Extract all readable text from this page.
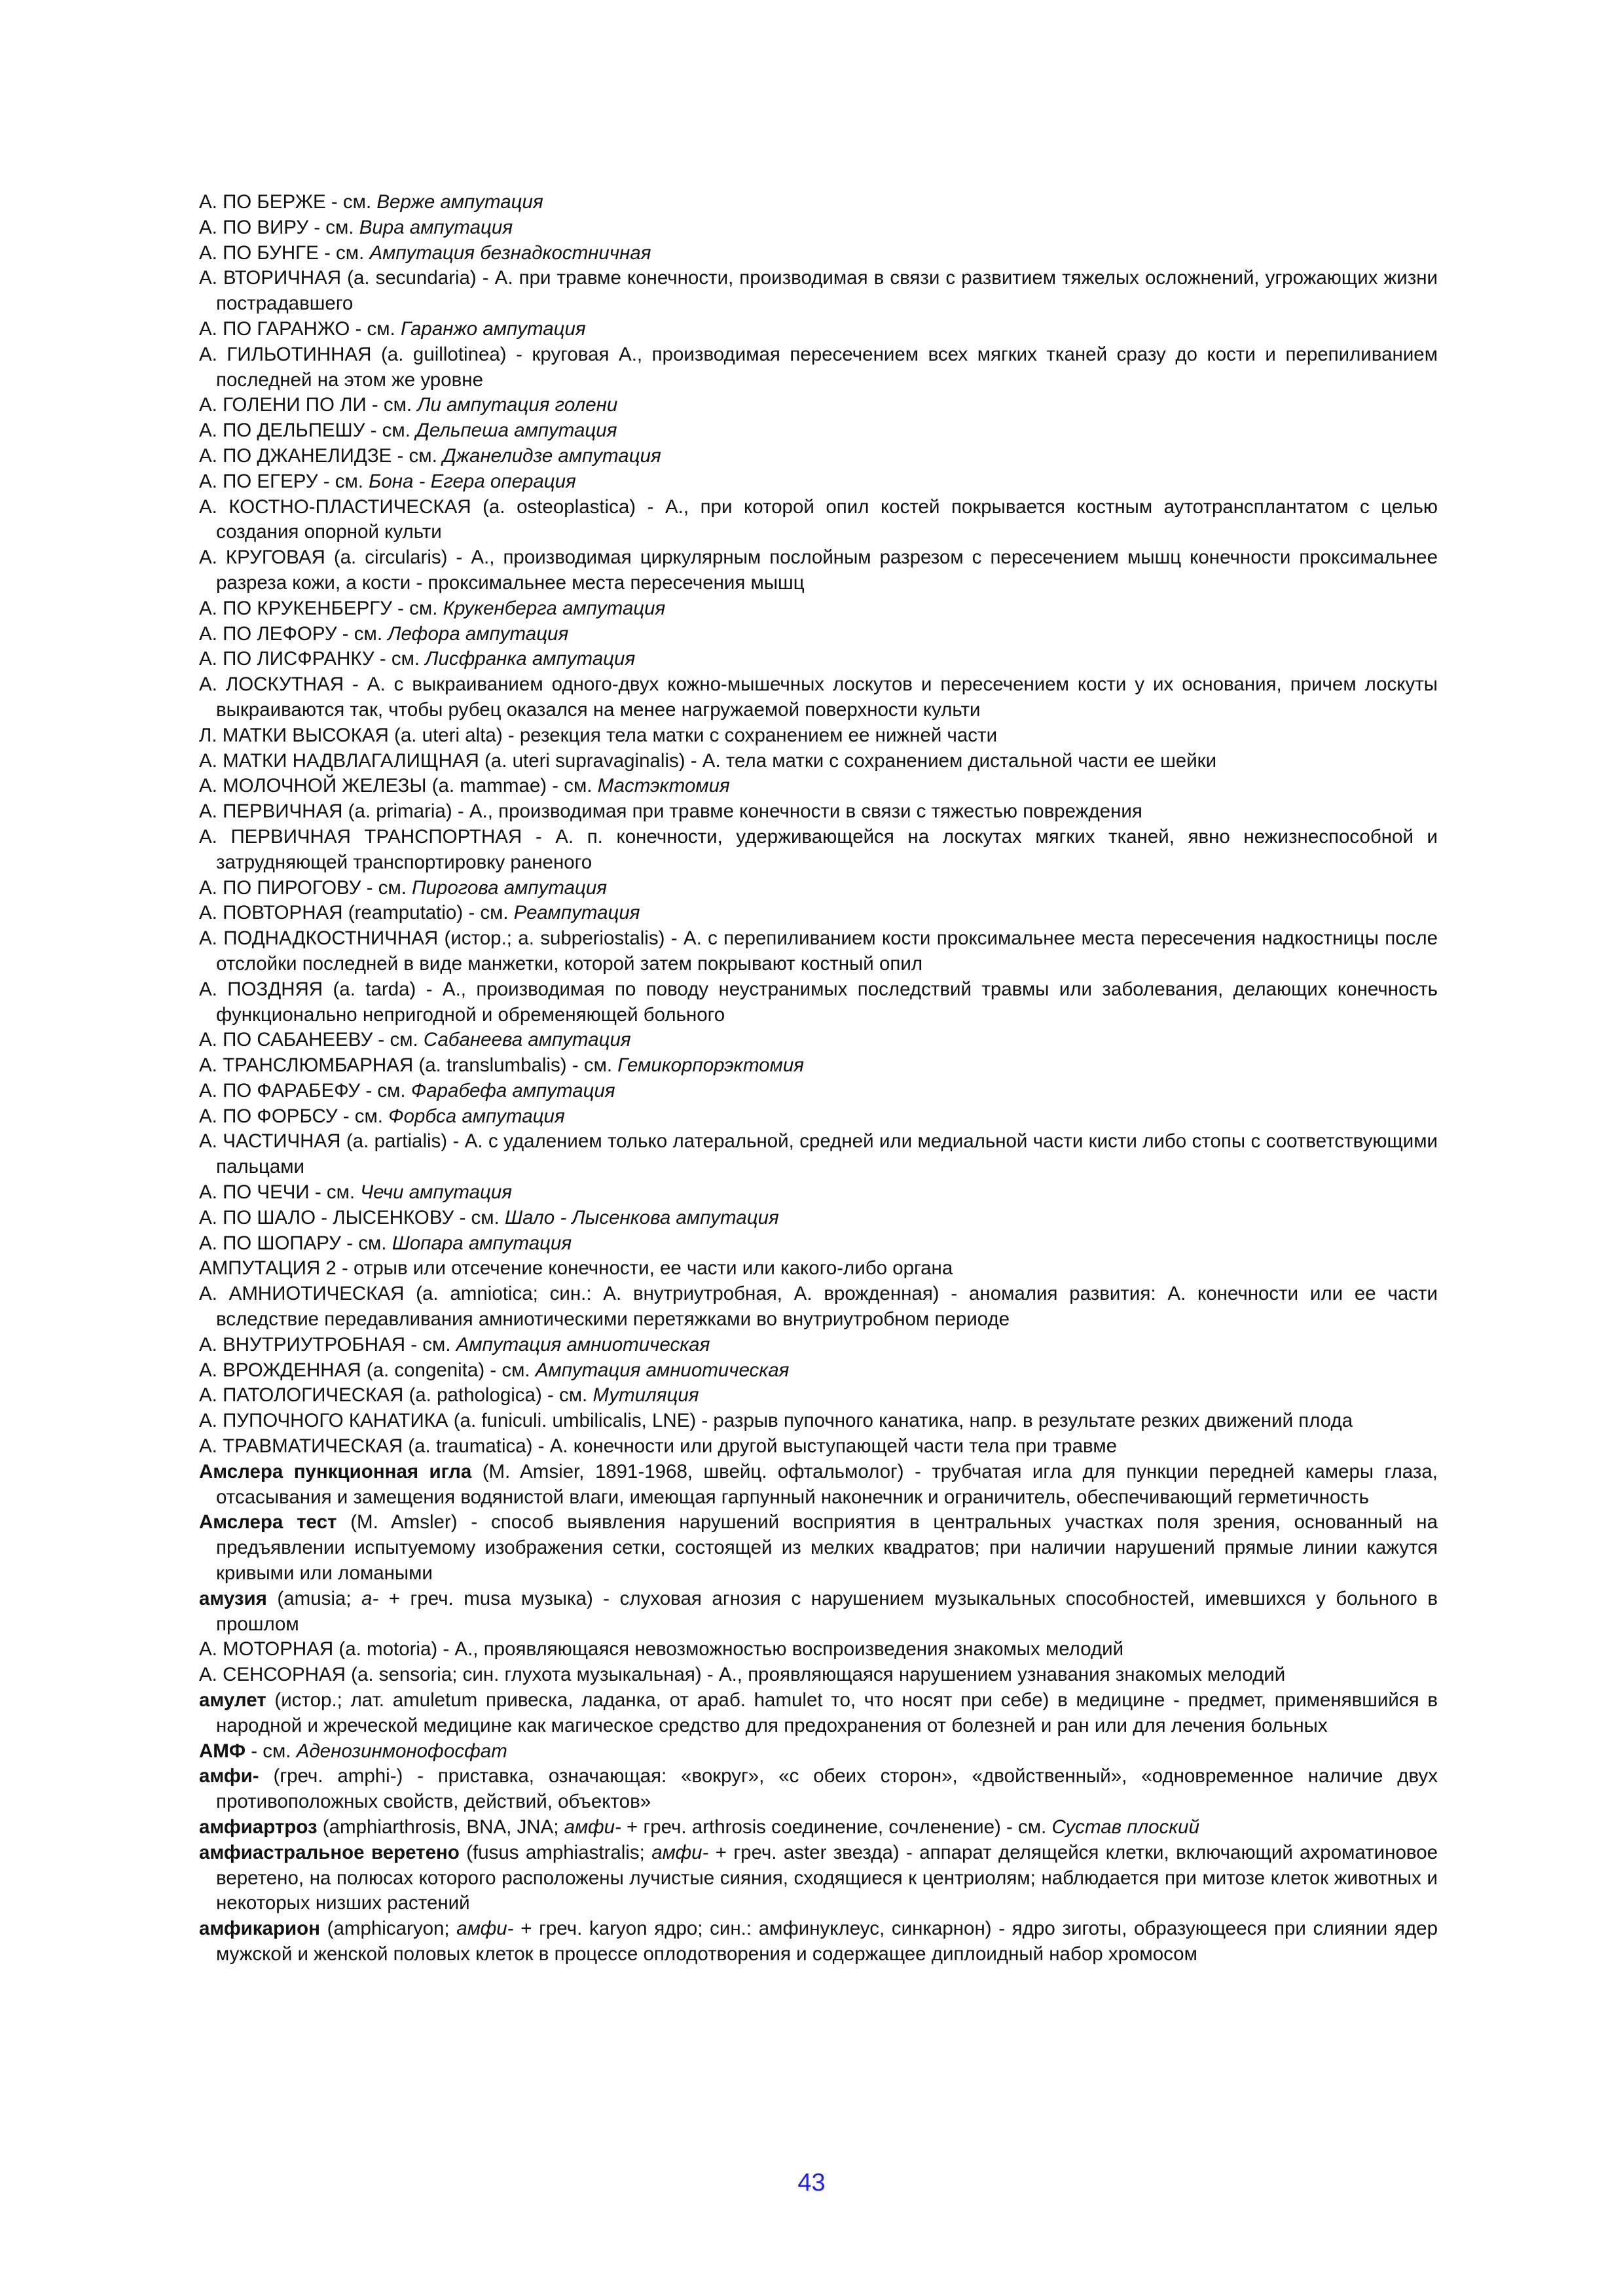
А. ПО БЕРЖЕ - см. Верже ампутация

А. ПО ВИРУ - см. Вира ампутация

А. ПО БУНГЕ - см. Ампутация безнадкостничная

А. ВТОРИЧНАЯ (a. secundaria) - А. при травме конечности, производимая в связи с развитием тяжелых осложнений, угрожающих жизни пострадавшего

А. ПО ГАРАНЖО - см. Гаранжо ампутация

А. ГИЛЬОТИННАЯ (a. guillotinea) - круговая А., производимая пересечением всех мягких тканей сразу до кости и перепиливанием последней на этом же уровне

А. ГОЛЕНИ ПО ЛИ - см. Ли ампутация голени

А. ПО ДЕЛЬПЕШУ - см. Дельпеша ампутация

А. ПО ДЖАНЕЛИДЗЕ - см. Джанелидзе ампутация

А. ПО ЕГЕРУ - см. Бона - Егера операция

А. КОСТНО-ПЛАСТИЧЕСКАЯ (a. osteoplastica) - А., при которой опил костей покрывается костным аутотрансплантатом с целью создания опорной культи

А. КРУГОВАЯ (a. circularis) - А., производимая циркулярным послойным разрезом с пересечением мышц конечности проксимальнее разреза кожи, а кости - проксимальнее места пересечения мышц

А. ПО КРУКЕНБЕРГУ - см. Крукенберга ампутация

А. ПО ЛЕФОРУ - см. Лефора ампутация

А. ПО ЛИСФРАНКУ - см. Лисфранка ампутация

А. ЛОСКУТНАЯ - А. с выкраиванием одного-двух кожно-мышечных лоскутов и пересечением кости у их основания, причем лоскуты выкраиваются так, чтобы рубец оказался на менее нагружаемой поверхности культи

Л. МАТКИ ВЫСОКАЯ (a. uteri alta) - резекция тела матки с сохранением ее нижней части

А. МАТКИ НАДВЛАГАЛИЩНАЯ (a. uteri supravaginalis) - А. тела матки с сохранением дистальной части ее шейки

А. МОЛОЧНОЙ ЖЕЛЕЗЫ (a. mammae) - см. Мастэктомия

А. ПЕРВИЧНАЯ (a. primaria) - А., производимая при травме конечности в связи с тяжестью повреждения

А. ПЕРВИЧНАЯ ТРАНСПОРТНАЯ - А. п. конечности, удерживающейся на лоскутах мягких тканей, явно нежизнеспособной и затрудняющей транспортировку раненого

А. ПО ПИРОГОВУ - см. Пирогова ампутация

А. ПОВТОРНАЯ (reamputatio) - см. Реампутация

А. ПОДНАДКОСТНИЧНАЯ (истор.; a. subperiostalis) - А. с перепиливанием кости проксимальнее места пересечения надкостницы после отслойки последней в виде манжетки, которой затем покрывают костный опил

А. ПОЗДНЯЯ (a. tarda) - А., производимая по поводу неустранимых последствий травмы или заболевания, делающих конечность функционально непригодной и обременяющей больного

А. ПО САБАНЕЕВУ - см. Сабанеева ампутация

А. ТРАНСЛЮМБАРНАЯ (a. translumbalis) - см. Гемикорпорэктомия

А. ПО ФАРАБЕФУ - см. Фарабефа ампутация

А. ПО ФОРБСУ - см. Форбса ампутация

А. ЧАСТИЧНАЯ (a. partialis) - А. с удалением только латеральной, средней или медиальной части кисти либо стопы с соответствующими пальцами

А. ПО ЧЕЧИ - см. Чечи ампутация

А. ПО ШАЛО - ЛЫСЕНКОВУ - см. Шало - Лысенкова ампутация

А. ПО ШОПАРУ - см. Шопара ампутация

АМПУТАЦИЯ 2 - отрыв или отсечение конечности, ее части или какого-либо органа

А. АМНИОТИЧЕСКАЯ (a. amniotica; син.: А. внутриутробная, А. врожденная) - аномалия развития: А. конечности или ее части вследствие передавливания амниотическими перетяжками во внутриутробном периоде

А. ВНУТРИУТРОБНАЯ - см. Ампутация амниотическая

А. ВРОЖДЕННАЯ (a. congenita) - см. Ампутация амниотическая

А. ПАТОЛОГИЧЕСКАЯ (a. pathologica) - см. Мутиляция

А. ПУПОЧНОГО КАНАТИКА (a. funiculi. umbilicalis, LNE) - разрыв пупочного канатика, напр. в результате резких движений плода

А. ТРАВМАТИЧЕСКАЯ (a. traumatica) - А. конечности или другой выступающей части тела при травме

Амслера пункционная игла (M. Amsier, 1891-1968, швейц. офтальмолог) - трубчатая игла для пункции передней камеры глаза, отсасывания и замещения водянистой влаги, имеющая гарпунный наконечник и ограничитель, обеспечивающий герметичность

Амслера тест (M. Amsler) - способ выявления нарушений восприятия в центральных участках поля зрения, основанный на предъявлении испытуемому изображения сетки, состоящей из мелких квадратов; при наличии нарушений прямые линии кажутся кривыми или ломаными

амузия (amusia; а- + греч. musa музыка) - слуховая агнозия с нарушением музыкальных способностей, имевшихся у больного в прошлом

А. МОТОРНАЯ (a. motoria) - А., проявляющаяся невозможностью воспроизведения знакомых мелодий

А. СЕНСОРНАЯ (a. sensoria; син. глухота музыкальная) - А., проявляющаяся нарушением узнавания знакомых мелодий

амулет (истор.; лат. amuletum привеска, ладанка, от араб. hamulet то, что носят при себе) в медицине - предмет, применявшийся в народной и жреческой медицине как магическое средство для предохранения от болезней и ран или для лечения больных

АМФ - см. Аденозинмонофосфат

амфи- (греч. amphi-) - приставка, означающая: «вокруг», «с обеих сторон», «двойственный», «одновременное наличие двух противоположных свойств, действий, объектов»

амфиартроз (amphiarthrosis, BNA, JNA; амфи- + греч. arthrosis соединение, сочленение) - см. Сустав плоский

амфиастральное веретено (fusus amphiastralis; амфи- + греч. aster звезда) - аппарат делящейся клетки, включающий ахроматиновое веретено, на полюсах которого расположены лучистые сияния, сходящиеся к центриолям; наблюдается при митозе клеток животных и некоторых низших растений

амфикарион (amphicaryon; амфи- + греч. karyon ядро; син.: амфинуклеус, синкарнон) - ядро зиготы, образующееся при слиянии ядер мужской и женской половых клеток в процессе оплодотворения и содержащее диплоидный набор хромосом

43
